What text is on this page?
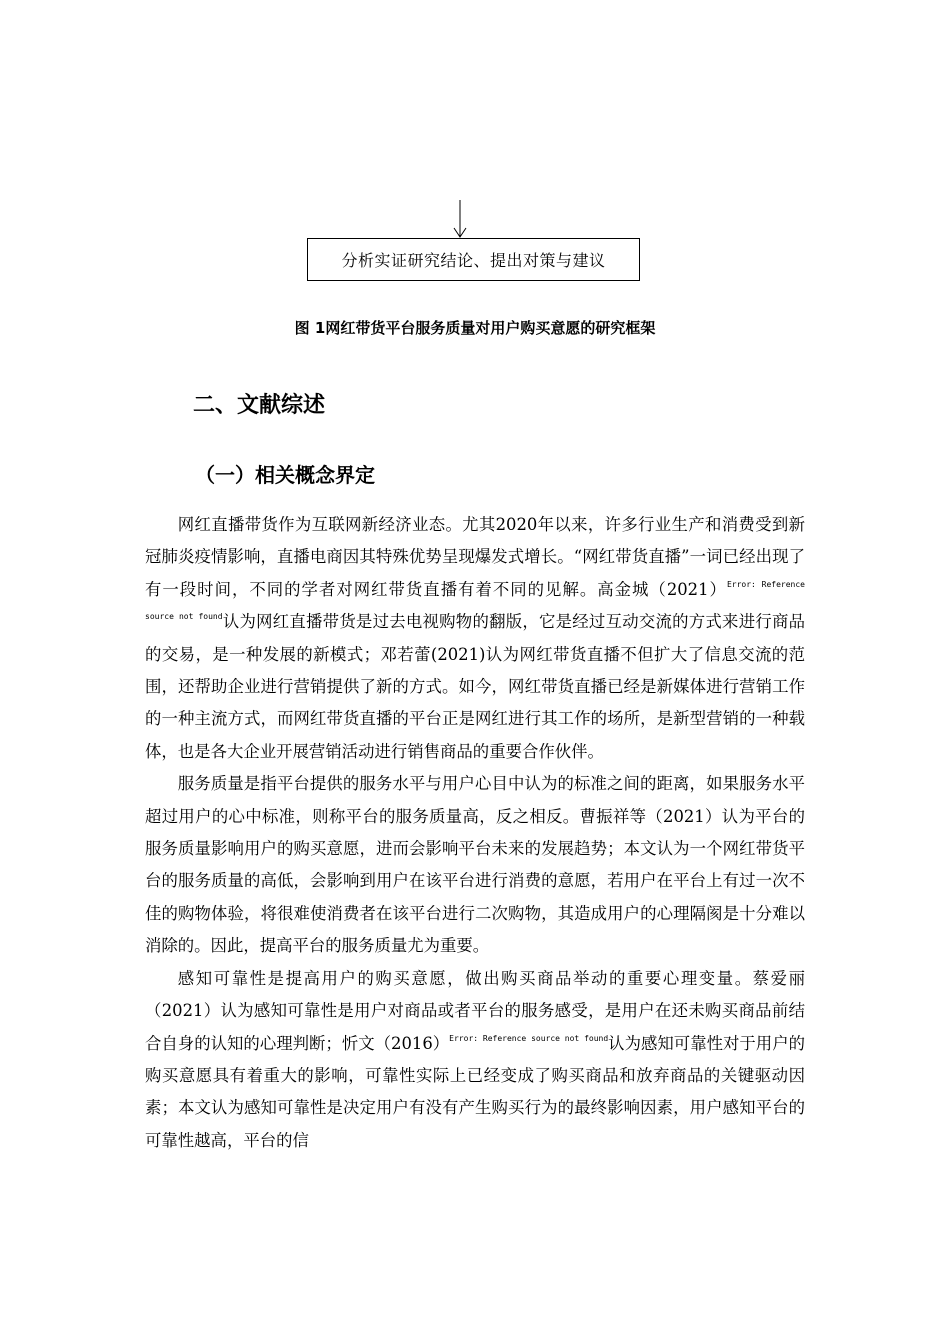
分析实证研究结论、提出对策与建议
图 1网红带货平台服务质量对用户购买意愿的研究框架
二、文献综述
（一）相关概念界定

网红直播带货作为互联网新经济业态。尤其2020年以来，许多行业生产和消费受到新冠肺炎疫情影响，直播电商因其特殊优势呈现爆发式增长。“网红带货直播”一词已经出现了有一段时间，不同的学者对网红带货直播有着不同的见解。高金城（2021）$^{Error: Reference source not found}$认为网红直播带货是过去电视购物的翻版，它是经过互动交流的方式来进行商品的交易，是一种发展的新模式；邓若蕾(2021)认为网红带货直播不但扩大了信息交流的范围，还帮助企业进行营销提供了新的方式。如今，网红带货直播已经是新媒体进行营销工作的一种主流方式，而网红带货直播的平台正是网红进行其工作的场所，是新型营销的一种载体，也是各大企业开展营销活动进行销售商品的重要合作伙伴。

服务质量是指平台提供的服务水平与用户心目中认为的标准之间的距离，如果服务水平超过用户的心中标准，则称平台的服务质量高，反之相反。曹振祥等（2021）认为平台的服务质量影响用户的购买意愿，进而会影响平台未来的发展趋势；本文认为一个网红带货平台的服务质量的高低，会影响到用户在该平台进行消费的意愿，若用户在平台上有过一次不佳的购物体验，将很难使消费者在该平台进行二次购物，其造成用户的心理隔阂是十分难以消除的。因此，提高平台的服务质量尤为重要。

感知可靠性是提高用户的购买意愿，做出购买商品举动的重要心理变量。蔡爱丽（2021）认为感知可靠性是用户对商品或者平台的服务感受，是用户在还未购买商品前结合自身的认知的心理判断；忻文（2016）$^{Error: Reference source not found}$认为感知可靠性对于用户的购买意愿具有着重大的影响，可靠性实际上已经变成了购买商品和放弃商品的关键驱动因素；本文认为感知可靠性是决定用户有没有产生购买行为的最终影响因素，用户感知平台的可靠性越高，平台的信
